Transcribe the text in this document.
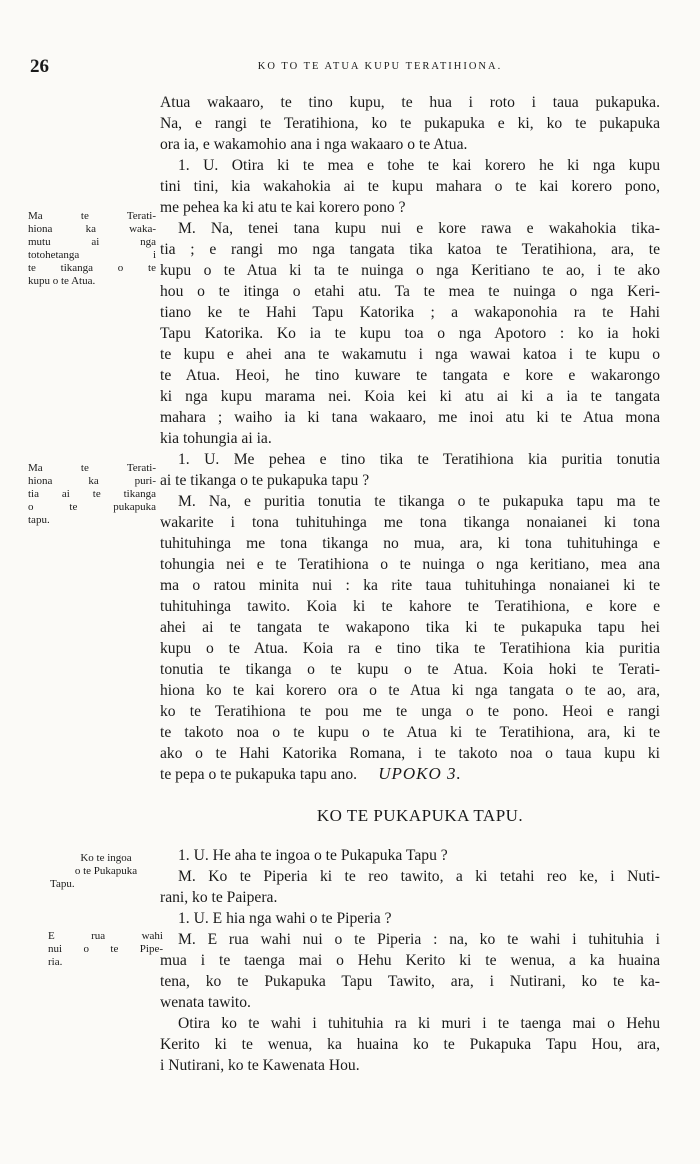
26	KO TO TE ATUA KUPU TERATIHIONA.
Atua wakaaro, te tino kupu, te hua i roto i taua pukapuka.
Na, e rangi te Teratihiona, ko te pukapuka e ki, ko te pukapuka
ora ia, e wakamohio ana i nga wakaaro o te Atua.
1. U. Otira ki te mea e tohe te kai korero he ki nga kupu
tini tini, kia wakahokia ai te kupu mahara o te kai korero pono,
me pehea ka ki atu te kai korero pono ?
M. Na, tenei tana kupu nui e kore rawa e wakahokia tika-
tia ; e rangi mo nga tangata tika katoa te Teratihiona, ara, te
kupu o te Atua ki ta te nuinga o nga Keritiano te ao, i te ako
hou o te itinga o etahi atu. Ta te mea te nuinga o nga Keri-
tiano ke te Hahi Tapu Katorika ; a wakaponohia ra te Hahi
Tapu Katorika. Ko ia te kupu toa o nga Apotoro : ko ia hoki
te kupu e ahei ana te wakamutu i nga wawai katoa i te kupu o
te Atua. Heoi, he tino kuware te tangata e kore e wakarongo
ki nga kupu marama nei. Koia kei ki atu ai ki a ia te tangata
mahara ; waiho ia ki tana wakaaro, me inoi atu ki te Atua mona
kia tohungia ai ia.
1. U. Me pehea e tino tika te Teratihiona kia puritia tonutia
ai te tikanga o te pukapuka tapu ?
M. Na, e puritia tonutia te tikanga o te pukapuka tapu ma te
wakarite i tona tuhituhinga me tona tikanga nonaianei ki tona
tuhituhinga me tona tikanga no mua, ara, ki tona tuhituhinga e
tohungia nei e te Teratihiona o te nuinga o nga keritiano, mea ana
ma o ratou minita nui : ka rite taua tuhituhinga nonaianei ki te
tuhituhinga tawito. Koia ki te kahore te Teratihiona, e kore e
ahei ai te tangata te wakapono tika ki te pukapuka tapu hei
kupu o te Atua. Koia ra e tino tika te Teratihiona kia puritia
tonutia te tikanga o te kupu o te Atua. Koia hoki te Terati-
hiona ko te kai korero ora o te Atua ki nga tangata o te ao, ara,
ko te Teratihiona te pou me te unga o te pono. Heoi e rangi
te takoto noa o te kupu o te Atua ki te Teratihiona, ara, ki te
ako o te Hahi Katorika Romana, i te takoto noa o taua kupu ki
te pepa o te pukapuka tapu ano.
Ma te Terati-
hiona ka waka-
mutu ai nga
totohetanga i
te tikanga o te
kupu o te Atua.
Ma te Terati-
hiona ka puri-
tia ai te tikanga
o te pukapuka
tapu.
UPOKO 3.
KO TE PUKAPUKA TAPU.
Ko te ingoa
o te Pukapuka
Tapu.
E rua wahi
nui o te Pipe-
ria.
1. U. He aha te ingoa o te Pukapuka Tapu ?
M. Ko te Piperia ki te reo tawito, a ki tetahi reo ke, i Nuti-
rani, ko te Paipera.
1. U. E hia nga wahi o te Piperia ?
M. E rua wahi nui o te Piperia : na, ko te wahi i tuhituhia i
mua i te taenga mai o Hehu Kerito ki te wenua, a ka huaina
tena, ko te Pukapuka Tapu Tawito, ara, i Nutirani, ko te ka-
wenata tawito.
Otira ko te wahi i tuhituhia ra ki muri i te taenga mai o Hehu
Kerito ki te wenua, ka huaina ko te Pukapuka Tapu Hou, ara,
i Nutirani, ko te Kawenata Hou.
